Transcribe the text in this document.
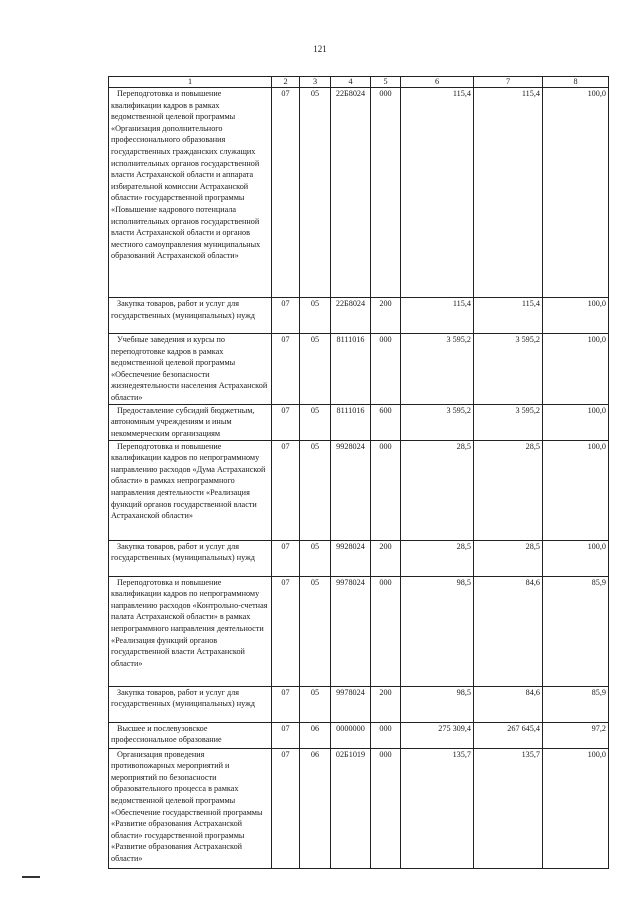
121
1	2	3	4	5	6	7	8
Переподготовка и повышение квалификации кадров в рамках ведомственной целевой программы «Организация дополнительного профессионального образования государственных гражданских служащих исполнительных органов государственной власти Астраханской области и аппарата избирательной комиссии Астраханской области» государственной программы «Повышение кадрового потенциала исполнительных органов государственной власти Астраханской области и органов местного самоуправления муниципальных образований Астраханской области»	07	05	22Б8024	000	115,4	115,4	100,0
Закупка товаров, работ и услуг для государственных (муниципальных) нужд	07	05	22Б8024	200	115,4	115,4	100,0
Учебные заведения и курсы по переподготовке кадров в рамках ведомственной целевой программы «Обеспечение безопасности жизнедеятельности населения Астраханской области»	07	05	8111016	000	3 595,2	3 595,2	100,0
Предоставление субсидий бюджетным, автономным учреждениям и иным некоммерческим организациям	07	05	8111016	600	3 595,2	3 595,2	100,0
Переподготовка и повышение квалификации кадров по непрограммному направлению расходов «Дума Астраханской области» в рамках непрограммного направления деятельности «Реализация функций органов государственной власти Астраханской области»	07	05	9928024	000	28,5	28,5	100,0
Закупка товаров, работ и услуг для государственных (муниципальных) нужд	07	05	9928024	200	28,5	28,5	100,0
Переподготовка и повышение квалификации кадров по непрограммному направлению расходов «Контрольно-счетная палата Астраханской области» в рамках непрограммного направления деятельности «Реализация функций органов государственной власти Астраханской области»	07	05	9978024	000	98,5	84,6	85,9
Закупка товаров, работ и услуг для государственных (муниципальных) нужд	07	05	9978024	200	98,5	84,6	85,9
Высшее и послевузовское профессиональное образование	07	06	0000000	000	275 309,4	267 645,4	97,2
Организация проведения противопожарных мероприятий и мероприятий по безопасности образовательного процесса в рамках ведомственной целевой программы «Обеспечение государственной программы «Развитие образования Астраханской области» государственной программы «Развитие образования Астраханской области»	07	06	02Б1019	000	135,7	135,7	100,0
